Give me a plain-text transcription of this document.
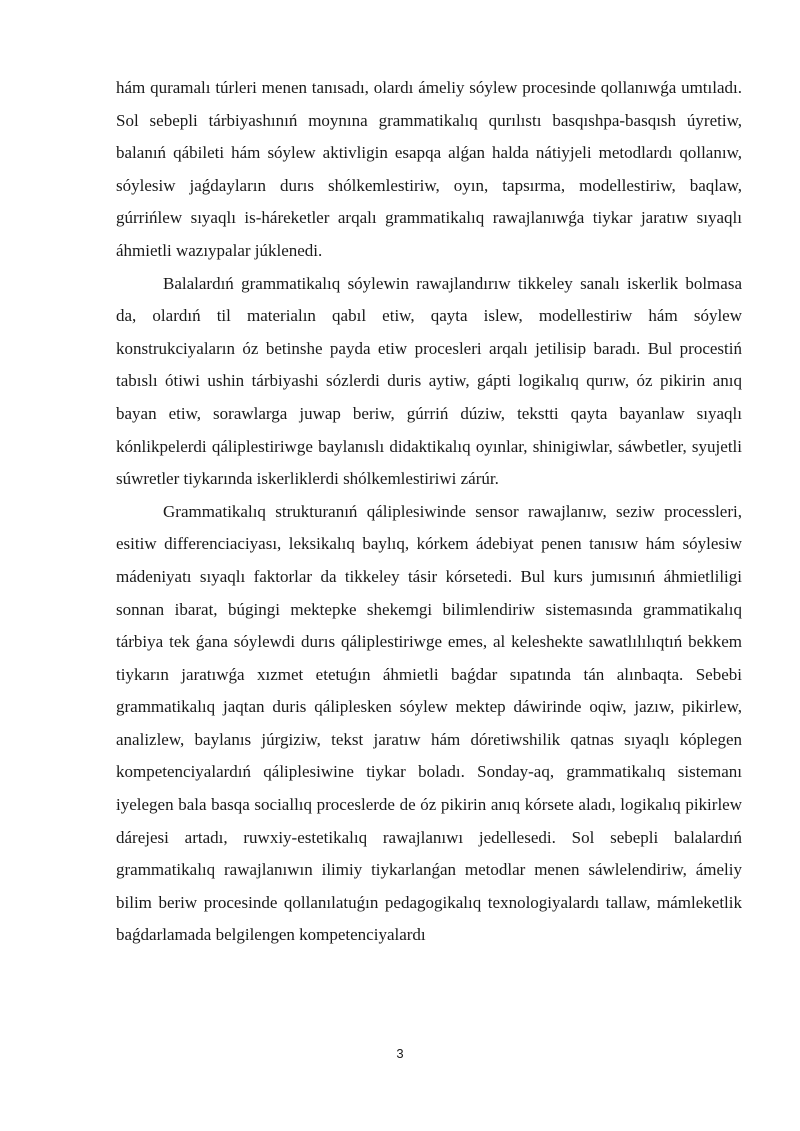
hám quramalı túrleri menen tanısadı, olardı ámeliy sóylew procesinde qollanıwǵa umtıladı. Sol sebepli tárbiyashınıń moynına grammatikalıq qurılıstı basqıshpa-basqısh úyretiw, balanıń qábileti hám sóylew aktivligin esapqa alǵan halda nátiyjeli metodlardı qollanıw, sóylesiw jaǵdayların durıs shólkemlestiriw, oyın, tapsırma, modellestiriw, baqlaw, gúrrińlew sıyaqlı is-háreketler arqalı grammatikalıq rawajlanıwǵa tiykar jaratıw sıyaqlı áhmietli wazıypalar júklenedi.

Balalardıń grammatikalıq sóylewin rawajlandırıw tikkeley sanalı iskerlik bolmasa da, olardıń til materialın qabıl etiw, qayta islew, modellestiriw hám sóylew konstrukciyaların óz betinshe payda etiw procesleri arqalı jetilisip baradı. Bul procestiń tabıslı ótiwi ushin tárbiyashi sózlerdi duris aytiw, gápti logikalıq qurıw, óz pikirin anıq bayan etiw, sorawlarga juwap beriw, gúrriń dúziw, tekstti qayta bayanlaw sıyaqlı kónlikpelerdi qáliplestiriwge baylanıslı didaktikalıq oyınlar, shinigiwlar, sáwbetler, syujetli súwretler tiykarında iskerliklerdi shólkemlestiriwi zárúr.

Grammatikalıq strukturanıń qáliplesiwinde sensor rawajlanıw, seziw processleri, esitiw differenciaciyası, leksikalıq baylıq, kórkem ádebiyat penen tanısıw hám sóylesiw mádeniyatı sıyaqlı faktorlar da tikkeley tásir kórsetedi. Bul kurs jumısınıń áhmietliligi sonnan ibarat, búgingi mektepke shekemgi bilimlendiriw sistemasında grammatikalıq tárbiya tek ǵana sóylewdi durıs qáliplestiriwge emes, al keleshekte sawatlılılıqtıń bekkem tiykarın jaratıwǵa xızmet etetuǵın áhmietli baǵdar sıpatında tán alınbaqta. Sebebi grammatikalıq jaqtan duris qáliplesken sóylew mektep dáwirinde oqiw, jazıw, pikirlew, analizlew, baylanıs júrgiziw, tekst jaratıw hám dóretiwshilik qatnas sıyaqlı kóplegen kompetenciyalardıń qáliplesiwine tiykar boladı. Sonday-aq, grammatikalıq sistemanı iyelegen bala basqa sociallıq proceslerde de óz pikirin anıq kórsete aladı, logikalıq pikirlew dárejesi artadı, ruwxiy-estetikalıq rawajlanıwı jedellesedi. Sol sebepli balalardıń grammatikalıq rawajlanıwın ilimiy tiykarlanǵan metodlar menen sáwlelendiriw, ámeliy bilim beriw procesinde qollanılatuǵın pedagogikalıq texnologiyalardı tallaw, mámleketlik baǵdarlamada belgilengen kompetenciyalardı

3
